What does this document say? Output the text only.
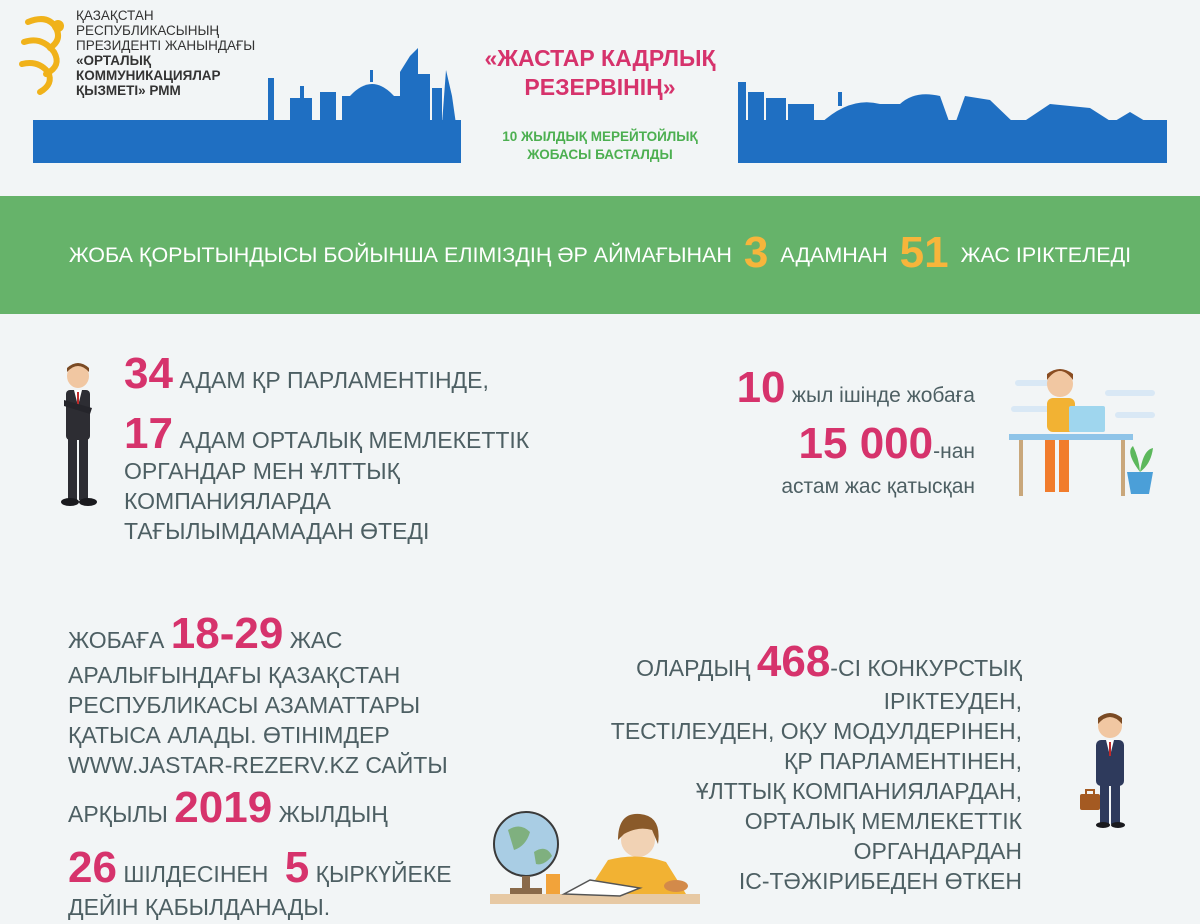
ҚАЗАҚСТАН
РЕСПУБЛИКАСЫНЫҢ
ПРЕЗИДЕНТІ ЖАНЫНДАҒЫ
«ОРТАЛЫҚ
КОММУНИКАЦИЯЛАР
ҚЫЗМЕТІ» РММ
«ЖАСТАР КАДРЛЫҚ
РЕЗЕРВІНІҢ»
10 ЖЫЛДЫҚ МЕРЕЙТОЙЛЫҚ
ЖОБАСЫ БАСТАЛДЫ
ЖОБА ҚОРЫТЫНДЫСЫ БОЙЫНША ЕЛІМІЗДІҢ ӘР АЙМАҒЫНАН 3 АДАМНАН 51 ЖАС ІРІКТЕЛЕДІ
34 АДАМ ҚР ПАРЛАМЕНТІНДЕ,
17 АДАМ ОРТАЛЫҚ МЕМЛЕКЕТТІК
ОРГАНДАР МЕН ҰЛТТЫҚ
КОМПАНИЯЛАРДА
ТАҒЫЛЫМДАМАДАН ӨТЕДІ
10 жыл ішінде жобаға
15 000-нан
астам жас қатысқан
ЖОБАҒА 18-29 ЖАС
АРАЛЫҒЫНДАҒЫ ҚАЗАҚСТАН
РЕСПУБЛИКАСЫ АЗАМАТТАРЫ
ҚАТЫСА АЛАДЫ. ӨТІНІМДЕР
WWW.JASTAR-REZERV.KZ САЙТЫ
АРҚЫЛЫ 2019 ЖЫЛДЫҢ
26 ШІЛДЕСІНЕН 5 ҚЫРКҮЙЕКЕ
ДЕЙІН ҚАБЫЛДАНАДЫ.
ОЛАРДЫҢ 468-СІ КОНКУРСТЫҚ
ІРІКТЕУДЕН,
ТЕСТІЛЕУДЕН, ОҚУ МОДУЛДЕРІНЕН,
ҚР ПАРЛАМЕНТІНЕН,
ҰЛТТЫҚ КОМПАНИЯЛАРДАН,
ОРТАЛЫҚ МЕМЛЕКЕТТІК
ОРГАНДАРДАН
ІС-ТӘЖІРИБЕДЕН ӨТКЕН
